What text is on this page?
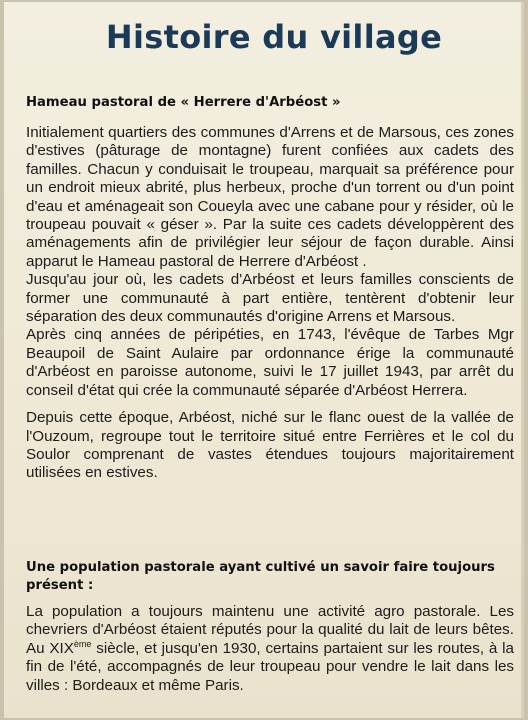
Histoire du village
Hameau pastoral de « Herrere d'Arbéost »

Initialement quartiers des communes d'Arrens et de Marsous, ces zones d'estives (pâturage de montagne) furent confiées aux cadets des familles. Chacun y conduisait le troupeau, marquait sa préférence pour un endroit mieux abrité, plus herbeux, proche d'un torrent ou d'un point d'eau et aménageait son Coueyla avec une cabane pour y résider, où le troupeau pouvait « géser ». Par la suite ces cadets développèrent des aménagements afin de privilégier leur séjour de façon durable. Ainsi apparut le Hameau pastoral de Herrere d'Arbéost .

Jusqu'au jour où, les cadets d'Arbéost et leurs familles conscients de former une communauté à part entière, tentèrent d'obtenir leur séparation des deux communautés d'origine Arrens et Marsous.

Après cinq années de péripéties, en 1743, l'évêque de Tarbes Mgr Beaupoil de Saint Aulaire par ordonnance érige la communauté d'Arbéost en paroisse autonome, suivi le 17 juillet 1943, par arrêt du conseil d'état qui crée la communauté séparée d'Arbéost Herrera.

Depuis cette époque, Arbéost, niché sur le flanc ouest de la vallée de l'Ouzoum, regroupe tout le territoire situé entre Ferrières et le col du Soulor comprenant de vastes étendues toujours majoritairement utilisées en estives.

Une population pastorale ayant cultivé un savoir faire toujours présent :

La population a toujours maintenu une activité agro pastorale. Les chevriers d'Arbéost étaient réputés pour la qualité du lait de leurs bêtes. Au XIXème siècle, et jusqu'en 1930, certains partaient sur les routes, à la fin de l'été, accompagnés de leur troupeau pour vendre le lait dans les villes : Bordeaux et même Paris.
